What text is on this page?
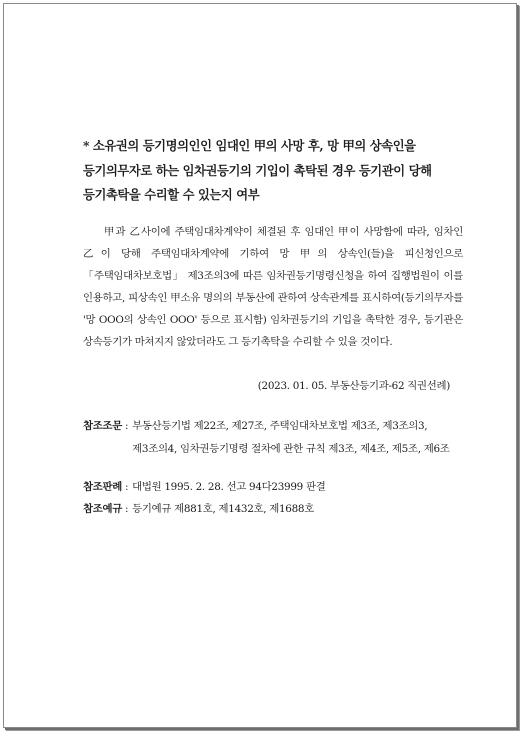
* 소유권의 등기명의인인 임대인 甲의 사망 후, 망 甲의 상속인을 등기의무자로 하는 임차권등기의 기입이 촉탁된 경우 등기관이 당해 등기촉탁을 수리할 수 있는지 여부

甲과 乙사이에 주택임대차계약이 체결된 후 임대인 甲이 사망함에 따라, 임차인 乙이 당해 주택임대차계약에 기하여 망 甲의 상속인(들)을 피신청인으로 「주택임대차보호법」 제3조의3에 따른 임차권등기명령신청을 하여 집행법원이 이를 인용하고, 피상속인 甲소유 명의의 부동산에 관하여 상속관계를 표시하여(등기의무자를 '망 OOO의 상속인 OOO' 등으로 표시함) 임차권등기의 기입을 촉탁한 경우, 등기관은 상속등기가 마쳐지지 않았더라도 그 등기촉탁을 수리할 수 있을 것이다.

(2023. 01. 05. 부동산등기과-62 직권선례)

참조조문 : 부동산등기법 제22조, 제27조, 주택임대차보호법 제3조, 제3조의3, 제3조의4, 임차권등기명령 절차에 관한 규칙 제3조, 제4조, 제5조, 제6조
참조판례 : 대법원 1995. 2. 28. 선고 94다23999 판결
참조예규 : 등기예규 제881호, 제1432호, 제1688호
